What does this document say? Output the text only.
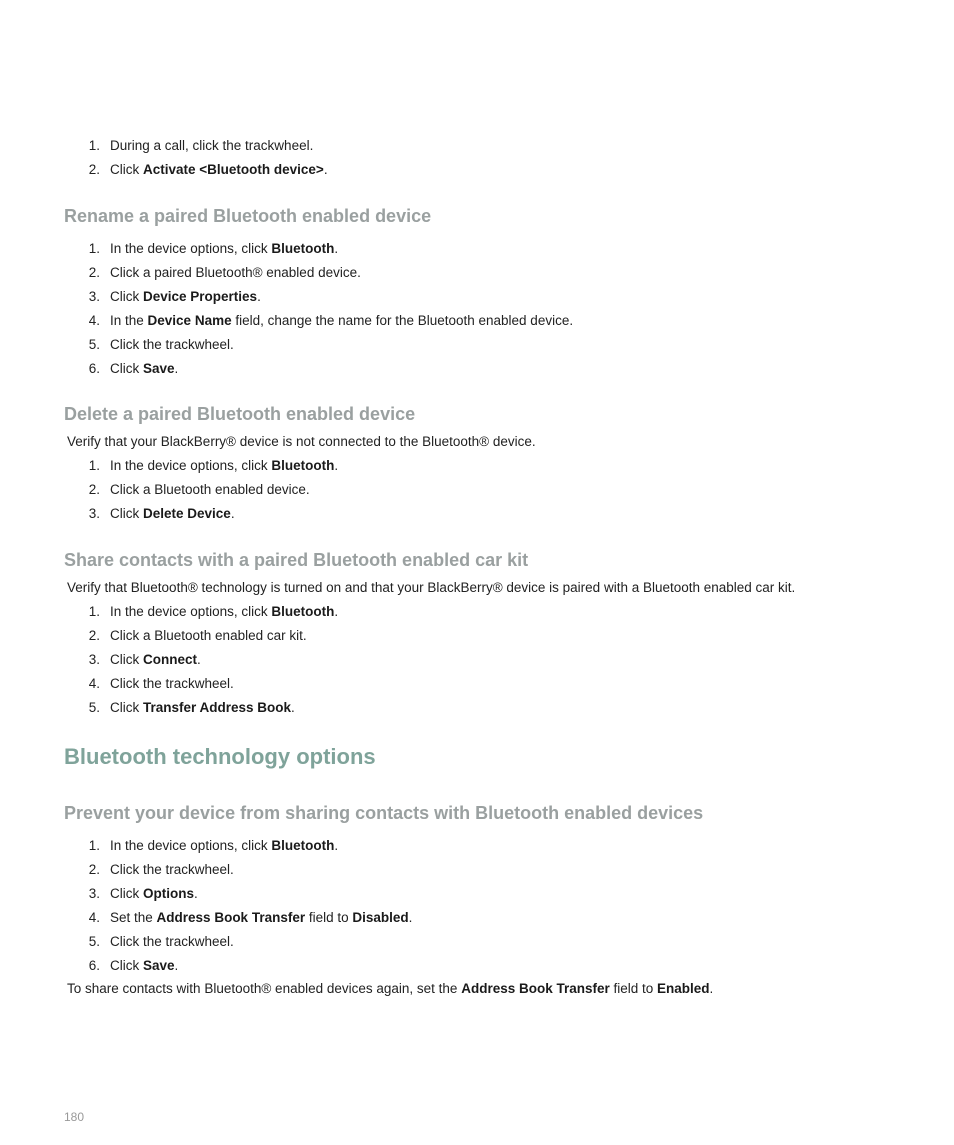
1. During a call, click the trackwheel.
2. Click Activate <Bluetooth device>.
Rename a paired Bluetooth enabled device
1. In the device options, click Bluetooth.
2. Click a paired Bluetooth® enabled device.
3. Click Device Properties.
4. In the Device Name field, change the name for the Bluetooth enabled device.
5. Click the trackwheel.
6. Click Save.
Delete a paired Bluetooth enabled device

Verify that your BlackBerry® device is not connected to the Bluetooth® device.

1. In the device options, click Bluetooth.
2. Click a Bluetooth enabled device.
3. Click Delete Device.
Share contacts with a paired Bluetooth enabled car kit

Verify that Bluetooth® technology is turned on and that your BlackBerry® device is paired with a Bluetooth enabled car kit.

1. In the device options, click Bluetooth.
2. Click a Bluetooth enabled car kit.
3. Click Connect.
4. Click the trackwheel.
5. Click Transfer Address Book.
Bluetooth technology options
Prevent your device from sharing contacts with Bluetooth enabled devices
1. In the device options, click Bluetooth.
2. Click the trackwheel.
3. Click Options.
4. Set the Address Book Transfer field to Disabled.
5. Click the trackwheel.
6. Click Save.

To share contacts with Bluetooth® enabled devices again, set the Address Book Transfer field to Enabled.

180
